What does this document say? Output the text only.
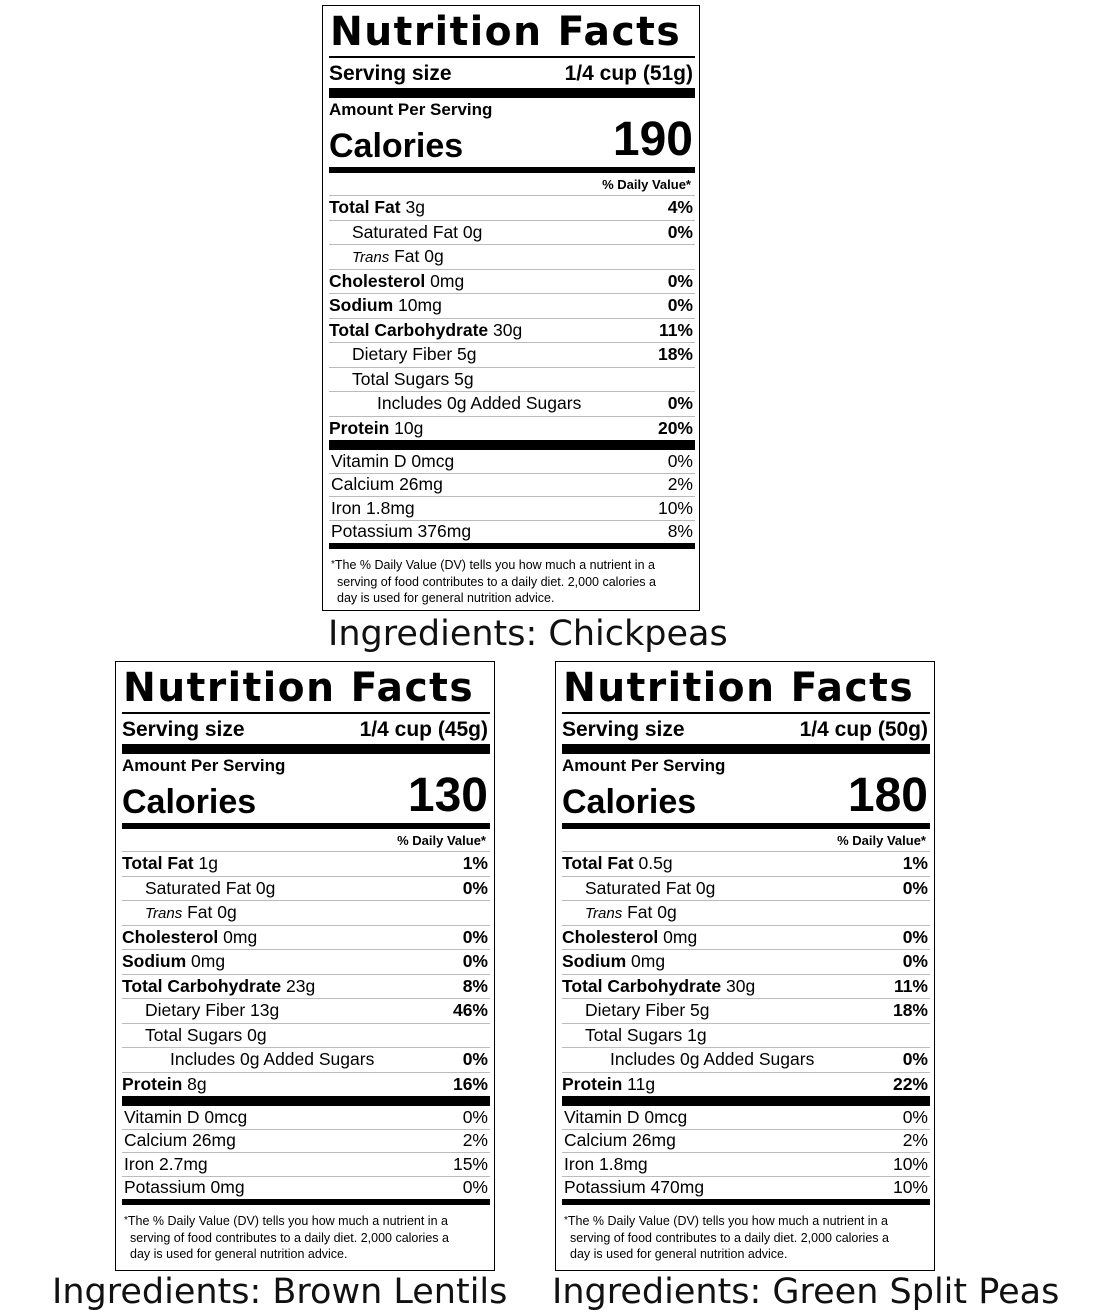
Nutrition Facts
Serving size	1/4 cup (51g)
Amount Per Serving
Calories	190
% Daily Value*
Total Fat 3g	4%
Saturated Fat 0g	0%
Trans Fat 0g
Cholesterol 0mg	0%
Sodium 10mg	0%
Total Carbohydrate 30g	11%
Dietary Fiber 5g	18%
Total Sugars 5g
Includes 0g Added Sugars	0%
Protein 10g	20%
Vitamin D 0mcg	0%
Calcium 26mg	2%
Iron 1.8mg	10%
Potassium 376mg	8%
*The % Daily Value (DV) tells you how much a nutrient in a
serving of food contributes to a daily diet. 2,000 calories a
day is used for general nutrition advice.
Ingredients: Chickpeas
Nutrition Facts
Serving size	1/4 cup (45g)
Amount Per Serving
Calories	130
% Daily Value*
Total Fat 1g	1%
Saturated Fat 0g	0%
Trans Fat 0g
Cholesterol 0mg	0%
Sodium 0mg	0%
Total Carbohydrate 23g	8%
Dietary Fiber 13g	46%
Total Sugars 0g
Includes 0g Added Sugars	0%
Protein 8g	16%
Vitamin D 0mcg	0%
Calcium 26mg	2%
Iron 2.7mg	15%
Potassium 0mg	0%
*The % Daily Value (DV) tells you how much a nutrient in a
serving of food contributes to a daily diet. 2,000 calories a
day is used for general nutrition advice.
Ingredients: Brown Lentils
Nutrition Facts
Serving size	1/4 cup (50g)
Amount Per Serving
Calories	180
% Daily Value*
Total Fat 0.5g	1%
Saturated Fat 0g	0%
Trans Fat 0g
Cholesterol 0mg	0%
Sodium 0mg	0%
Total Carbohydrate 30g	11%
Dietary Fiber 5g	18%
Total Sugars 1g
Includes 0g Added Sugars	0%
Protein 11g	22%
Vitamin D 0mcg	0%
Calcium 26mg	2%
Iron 1.8mg	10%
Potassium 470mg	10%
*The % Daily Value (DV) tells you how much a nutrient in a
serving of food contributes to a daily diet. 2,000 calories a
day is used for general nutrition advice.
Ingredients: Green Split Peas
